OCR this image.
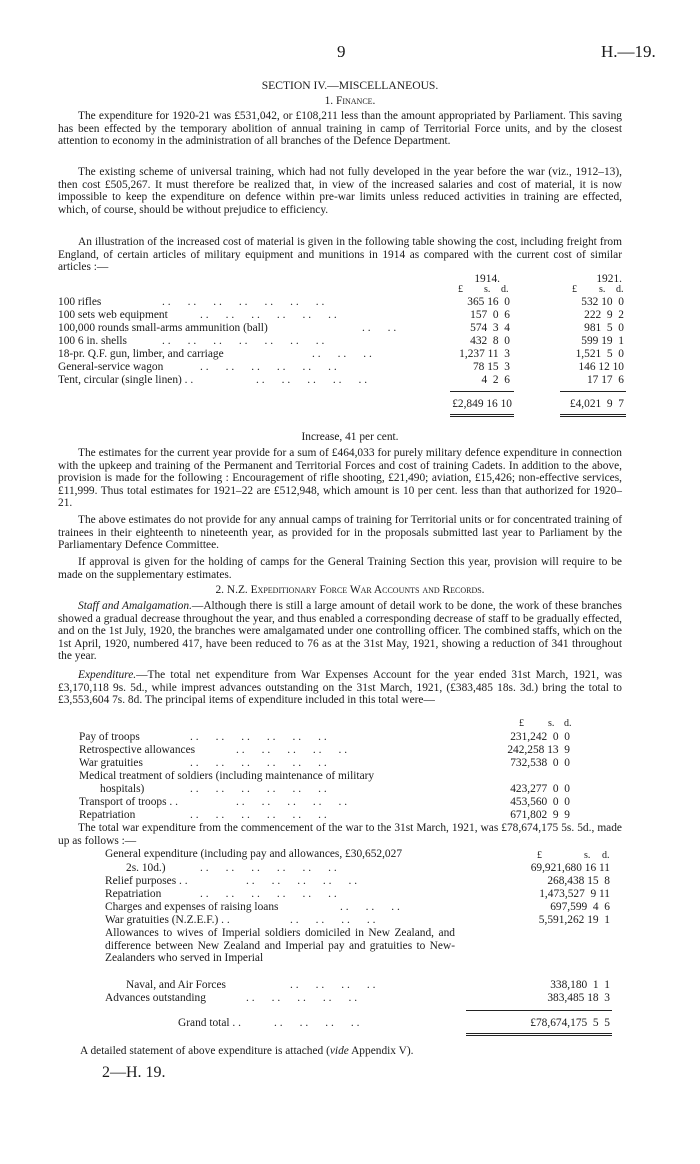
9	H.—19.
SECTION IV.—MISCELLANEOUS.
1. Finance.

The expenditure for 1920-21 was £531,042, or £108,211 less than the amount appropriated by Parliament. This saving has been effected by the temporary abolition of annual training in camp of Territorial Force units, and by the closest attention to economy in the administration of all branches of the Defence Department.

The existing scheme of universal training, which had not fully developed in the year before the war (viz., 1912–13), then cost £505,267. It must therefore be realized that, in view of the increased salaries and cost of material, it is now impossible to keep the expenditure on defence within pre-war limits unless reduced activities in training are effected, which, of course, should be without prejudice to efficiency.

An illustration of the increased cost of material is given in the following table showing the cost, including freight from England, of certain articles of military equipment and munitions in 1914 as compared with the current cost of similar articles :—

1914.	1921.
£ s. d.	£ s. d.
100 rifles	. .      . .      . .      . .      . .      . .      . .	365 16  0	532 10  0
100 sets web equipment	. .      . .      . .      . .      . .      . .	157  0  6	222  9  2
100,000 rounds small-arms ammunition (ball)	. .      . .	574  3  4	981  5  0
100 6 in. shells	. .      . .      . .      . .      . .      . .      . .	432  8  0	599 19  1
18-pr. Q.F. gun, limber, and carriage	. .      . .      . .	1,237 11  3	1,521  5  0
General-service wagon	. .      . .      . .      . .      . .      . .	78 15  3	146 12 10
Tent, circular (single linen) . .	. .      . .      . .      . .      . .	4  2  6	17 17  6
£2,849 16 10	£4,021  9  7
Increase, 41 per cent.

The estimates for the current year provide for a sum of £464,033 for purely military defence expenditure in connection with the upkeep and training of the Permanent and Territorial Forces and cost of training Cadets. In addition to the above, provision is made for the following : Encouragement of rifle shooting, £21,490; aviation, £15,426; non-effective services, £11,999. Thus total estimates for 1921–22 are £512,948, which amount is 10 per cent. less than that authorized for 1920–21.

The above estimates do not provide for any annual camps of training for Territorial units or for concentrated training of trainees in their eighteenth to nineteenth year, as provided for in the proposals submitted last year to Parliament by the Parliamentary Defence Committee.

If approval is given for the holding of camps for the General Training Section this year, provision will require to be made on the supplementary estimates.

2. N.Z. Expeditionary Force War Accounts and Records.

Staff and Amalgamation.—Although there is still a large amount of detail work to be done, the work of these branches showed a gradual decrease throughout the year, and thus enabled a corresponding decrease of staff to be gradually effected, and on the 1st July, 1920, the branches were amalgamated under one controlling officer. The combined staffs, which on the 1st April, 1920, numbered 417, have been reduced to 76 as at the 31st May, 1921, showing a reduction of 341 throughout the year.

Expenditure.—The total net expenditure from War Expenses Account for the year ended 31st March, 1921, was £3,170,118 9s. 5d., while imprest advances outstanding on the 31st March, 1921, (£383,485 18s. 3d.) bring the total to £3,553,604 7s. 8d. The principal items of expenditure included in this total were—

£ s. d.
Pay of troops	. .      . .      . .      . .      . .      . .	231,242  0  0
Retrospective allowances	. .      . .      . .      . .      . .	242,258 13  9
War gratuities	. .      . .      . .      . .      . .      . .	732,538  0  0
Medical treatment of soldiers (including maintenance of military
hospitals)	. .      . .      . .      . .      . .      . .	423,277  0  0
Transport of troops . .	. .      . .      . .      . .      . .	453,560  0  0
Repatriation	. .      . .      . .      . .      . .      . .	671,802  9  9

The total war expenditure from the commencement of the war to the 31st March, 1921, was £78,674,175 5s. 5d., made up as follows :—

£	s. d.
General expenditure (including pay and allowances, £30,652,027
2s. 10d.)	. .      . .      . .      . .      . .      . .	69,921,680 16 11
Relief purposes . .	. .      . .      . .      . .      . .	268,438 15  8
Repatriation	. .      . .      . .      . .      . .      . .	1,473,527  9 11
Charges and expenses of raising loans	. .      . .      . .	697,599  4  6
War gratuities (N.Z.E.F.) . .	. .      . .      . .      . .	5,591,262 19  1
Allowances to wives of Imperial soldiers domiciled in New Zealand, and difference between New Zealand and Imperial pay and gratuities to New-Zealanders who served in Imperial
Naval, and Air Forces	. .      . .      . .      . .	338,180  1  1
Advances outstanding	. .      . .      . .      . .      . .	383,485 18  3
Grand total . .	. .      . .      . .      . .	£78,674,175  5  5

A detailed statement of above expenditure is attached (vide Appendix V).

2—H. 19.
